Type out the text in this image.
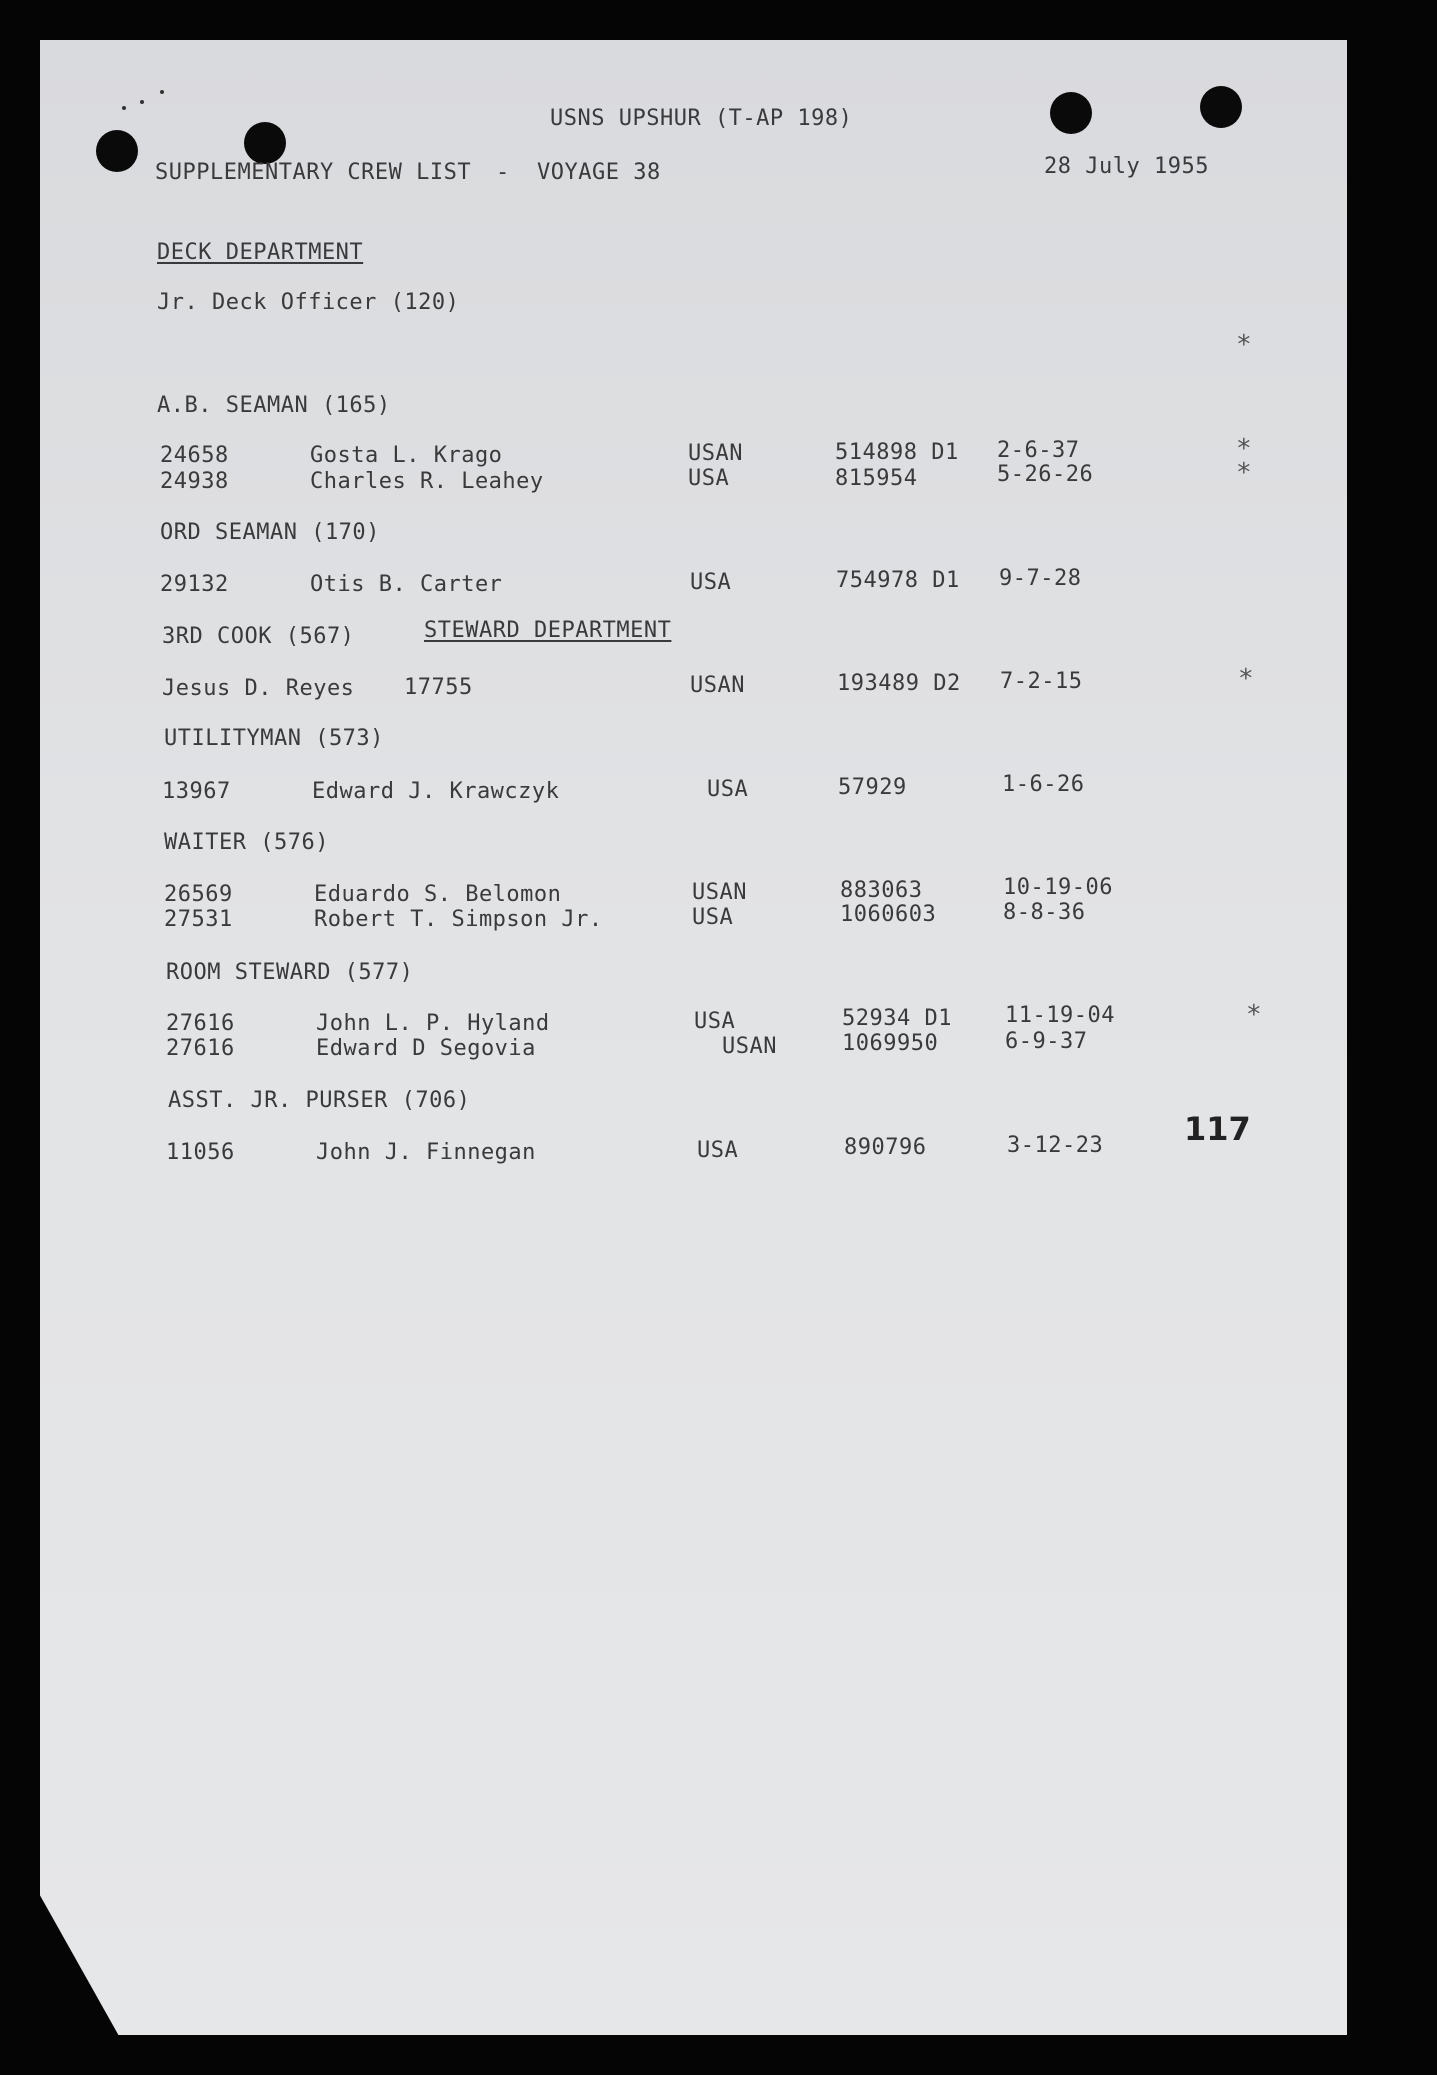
USNS UPSHUR (T-AP 198)
SUPPLEMENTARY CREW LIST - VOYAGE 38	28 July 1955
DECK DEPARTMENT
Jr. Deck Officer (120)
*
A.B. SEAMAN (165)
24658	Gosta L. Krago	USAN	514898 D1 2-6-37	*
24938	Charles R. Leahey	USA	815954	5-26-26	*
ORD SEAMAN (170)
29132	Otis B. Carter	USA	754978 D1 9-7-28
3RD COOK (567)	STEWARD DEPARTMENT
Jesus D. Reyes 17755	USAN	193489 D2 7-2-15	*
UTILITYMAN (573)
13967	Edward J. Krawczyk	USA	57929	1-6-26
WAITER (576)
26569	Eduardo S. Belomon	USAN	883063	10-19-06
27531	Robert T. Simpson Jr.	USA	1060603	8-8-36
ROOM STEWARD (577)
27616	John L. P. Hyland	USA	52934 D1 11-19-04	*
27616	Edward D Segovia	USAN	1069950	6-9-37
ASST. JR. PURSER (706)
11056	John J. Finnegan	USA	890796	3-12-23	117
